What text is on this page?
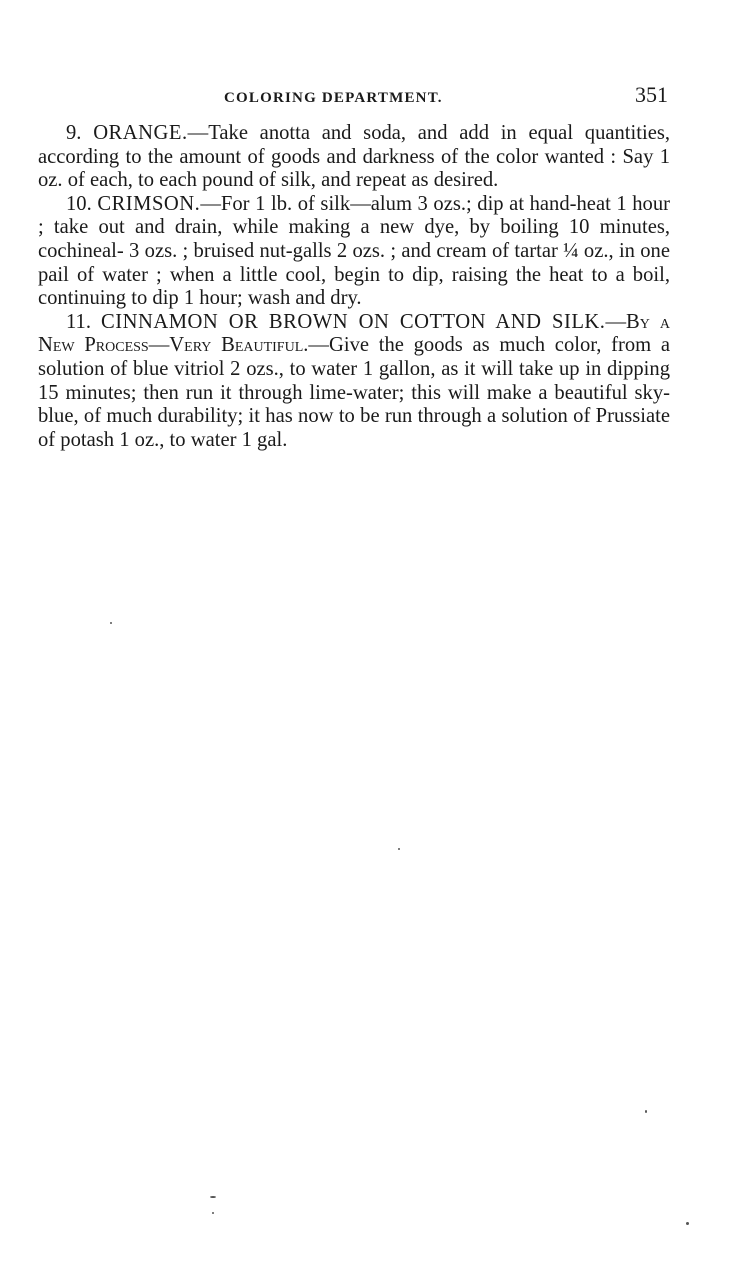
COLORING DEPARTMENT.	351

9. ORANGE.—Take anotta and soda, and add in equal quantities, according to the amount of goods and darkness of the color wanted : Say 1 oz. of each, to each pound of silk, and repeat as desired.

10. CRIMSON.—For 1 lb. of silk—alum 3 ozs.; dip at hand-heat 1 hour ; take out and drain, while making a new dye, by boiling 10 minutes, cochineal- 3 ozs. ; bruised nut-galls 2 ozs. ; and cream of tartar ¼ oz., in one pail of water ; when a little cool, begin to dip, raising the heat to a boil, continuing to dip 1 hour; wash and dry.

11. CINNAMON OR BROWN ON COTTON AND SILK.—By a New Process—Very Beautiful.—Give the goods as much color, from a solution of blue vitriol 2 ozs., to water 1 gallon, as it will take up in dipping 15 minutes; then run it through lime-water; this will make a beautiful sky-blue, of much durability; it has now to be run through a solution of Prussiate of potash 1 oz., to water 1 gal.
